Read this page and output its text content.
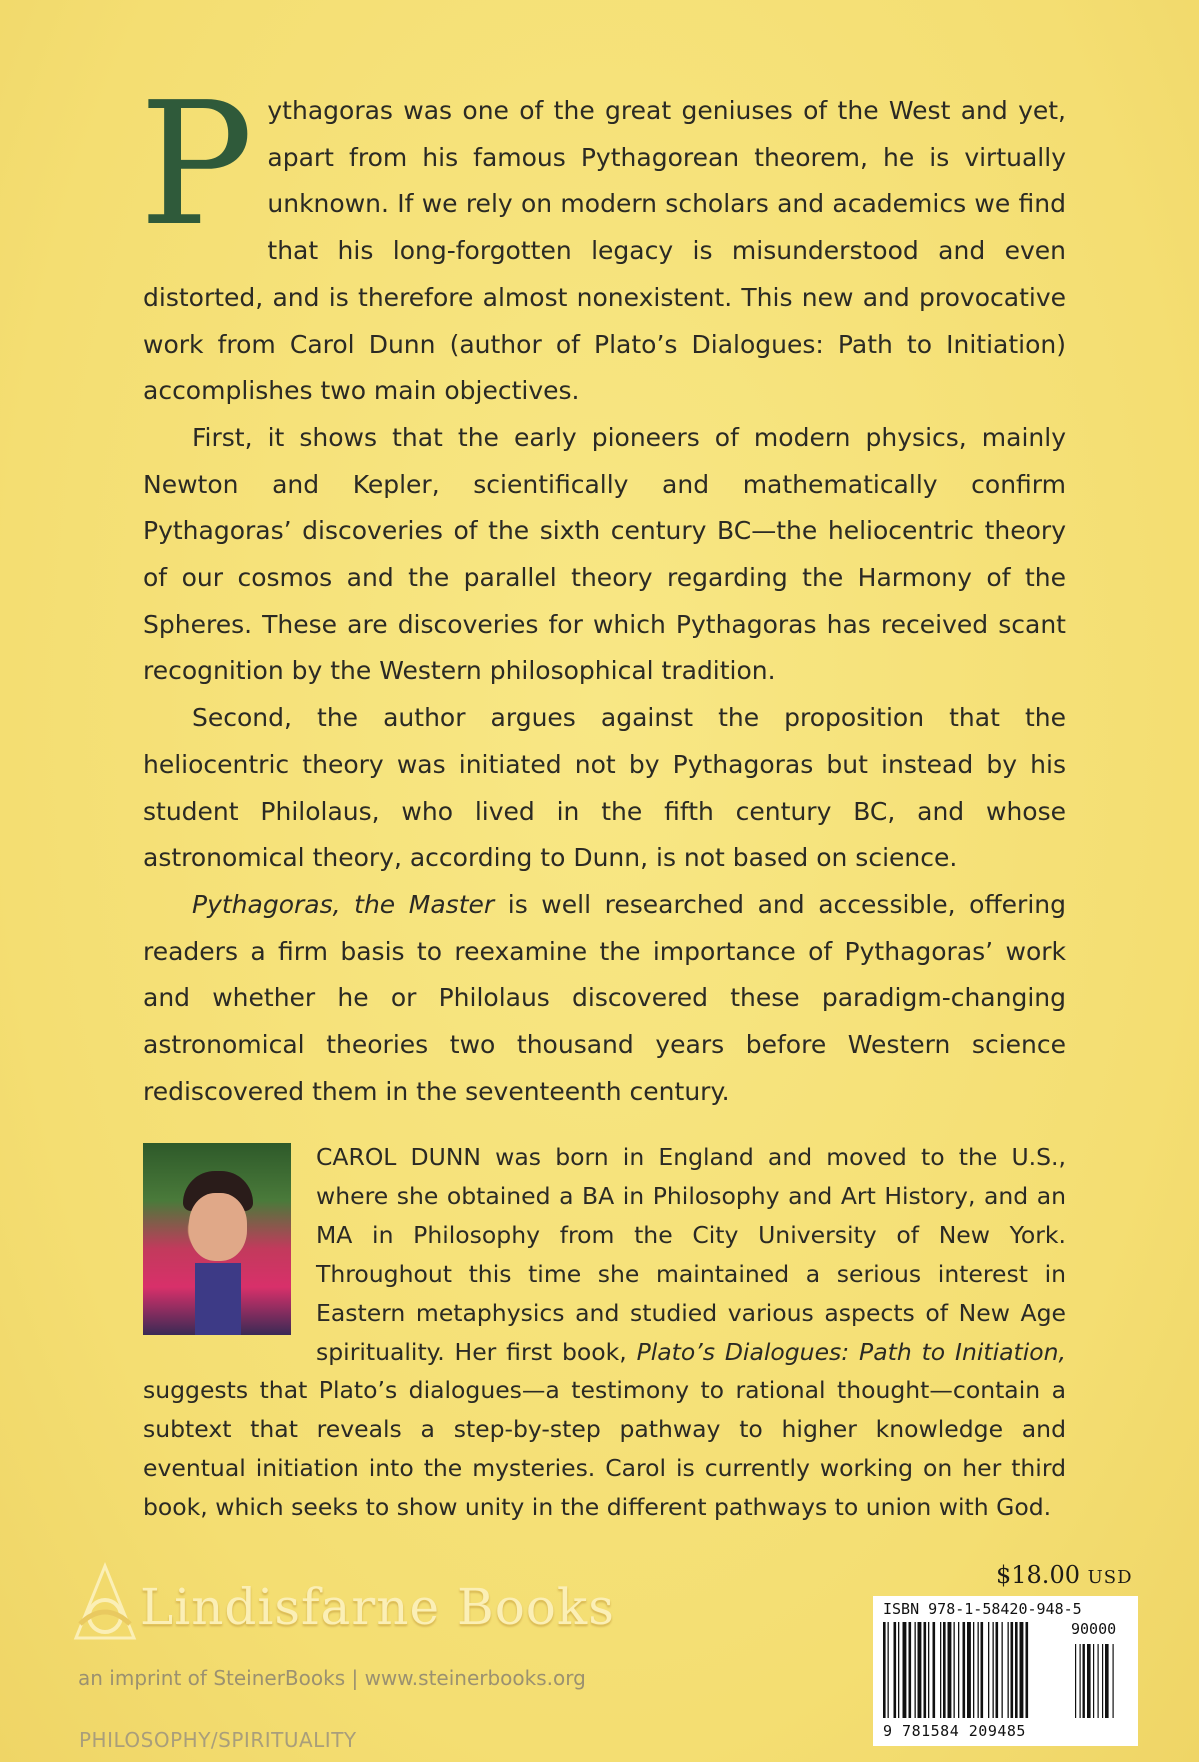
Pythagoras was one of the great geniuses of the West and yet, apart from his famous Pythagorean theorem, he is virtually unknown. If we rely on modern scholars and academics we find that his long-forgotten legacy is misunderstood and even distorted, and is therefore almost nonexistent. This new and provocative work from Carol Dunn (author of Plato’s Dialogues: Path to Initiation) accomplishes two main objectives.

First, it shows that the early pioneers of modern physics, mainly Newton and Kepler, scientifically and mathematically confirm Pythagoras’ discoveries of the sixth century BC—the heliocentric theory of our cosmos and the parallel theory regarding the Harmony of the Spheres. These are discoveries for which Pythagoras has received scant recognition by the Western philosophical tradition.

Second, the author argues against the proposition that the heliocentric theory was initiated not by Pythagoras but instead by his student Philolaus, who lived in the fifth century BC, and whose astronomical theory, according to Dunn, is not based on science.

Pythagoras, the Master is well researched and accessible, offering readers a firm basis to reexamine the importance of Pythagoras’ work and whether he or Philolaus discovered these paradigm-changing astronomical theories two thousand years before Western science rediscovered them in the seventeenth century.

CAROL DUNN was born in England and moved to the U.S., where she obtained a BA in Philosophy and Art History, and an MA in Philosophy from the City University of New York. Throughout this time she maintained a serious interest in Eastern metaphysics and studied various aspects of New Age spirituality. Her first book, Plato’s Dialogues: Path to Initiation, suggests that Plato’s dialogues—a testimony to rational thought—contain a subtext that reveals a step-by-step pathway to higher knowledge and eventual initiation into the mysteries. Carol is currently working on her third book, which seeks to show unity in the different pathways to union with God.
Lindisfarne Books
an imprint of SteinerBooks | www.steinerbooks.org
PHILOSOPHY/SPIRITUALITY
$18.00 USD
ISBN 978-1-58420-948-5
90000
9 781584 209485
